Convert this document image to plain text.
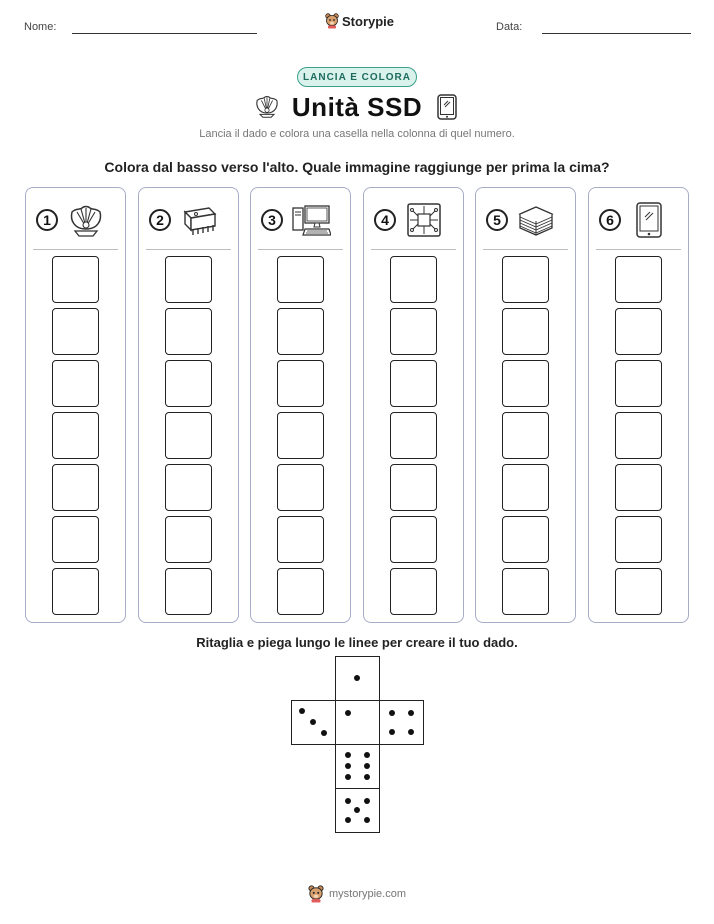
Nome:	Storypie	Data:
LANCIA E COLORA
Unità SSD
Lancia il dado e colora una casella nella colonna di quel numero.
Colora dal basso verso l'alto. Quale immagine raggiunge per prima la cima?
1	2	3	4	5	6
Ritaglia e piega lungo le linee per creare il tuo dado.
mystorypie.com
